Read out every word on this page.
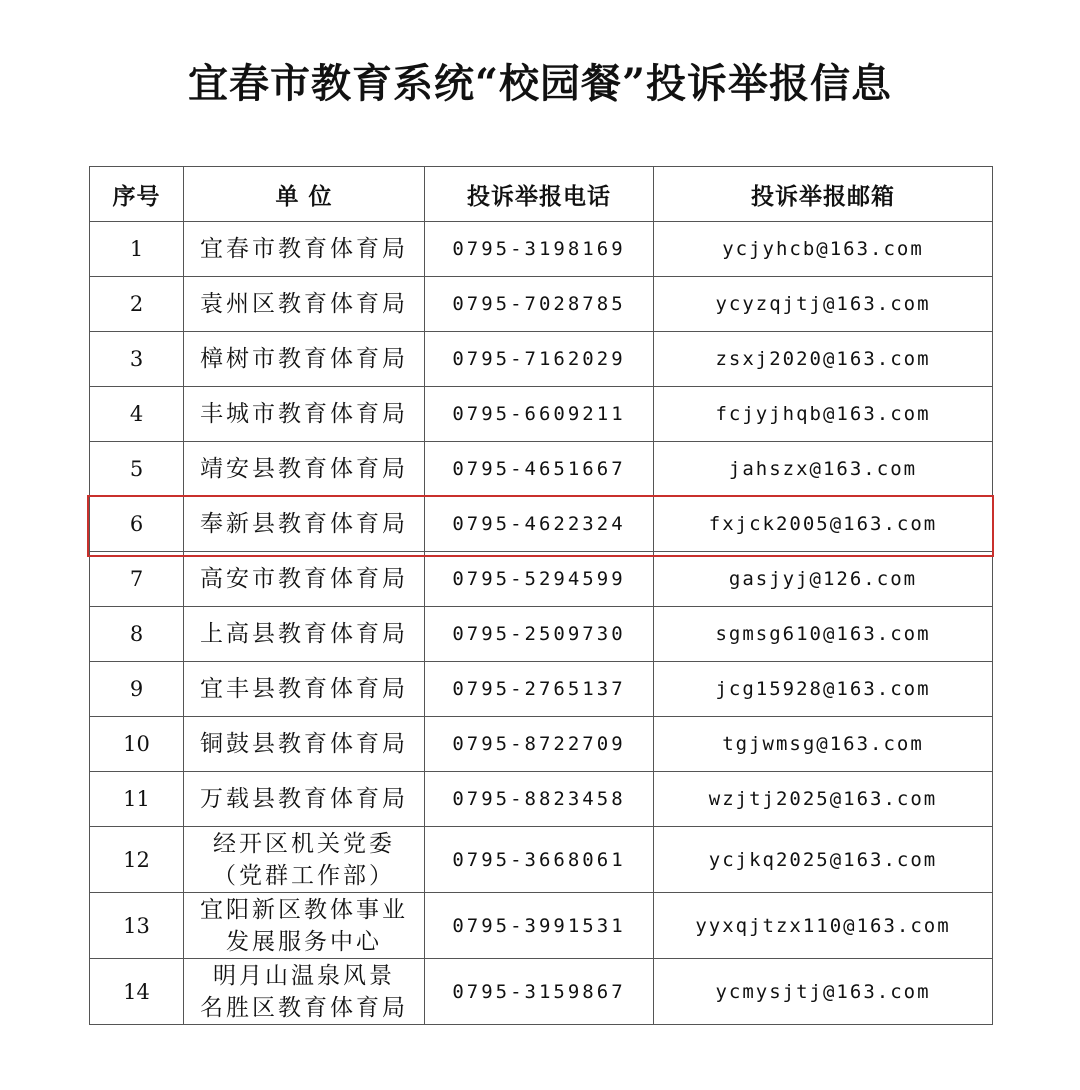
宜春市教育系统“校园餐”投诉举报信息
序号	单 位	投诉举报电话	投诉举报邮箱
1	宜春市教育体育局	0795-3198169	ycjyhcb@163.com
2	袁州区教育体育局	0795-7028785	ycyzqjtj@163.com
3	樟树市教育体育局	0795-7162029	zsxj2020@163.com
4	丰城市教育体育局	0795-6609211	fcjyjhqb@163.com
5	靖安县教育体育局	0795-4651667	jahszx@163.com
6	奉新县教育体育局	0795-4622324	fxjck2005@163.com
7	高安市教育体育局	0795-5294599	gasjyj@126.com
8	上高县教育体育局	0795-2509730	sgmsg610@163.com
9	宜丰县教育体育局	0795-2765137	jcg15928@163.com
10	铜鼓县教育体育局	0795-8722709	tgjwmsg@163.com
11	万载县教育体育局	0795-8823458	wzjtj2025@163.com
12	经开区机关党委
（党群工作部）	0795-3668061	ycjkq2025@163.com
13	宜阳新区教体事业
发展服务中心	0795-3991531	yyxqjtzx110@163.com
14	明月山温泉风景
名胜区教育体育局	0795-3159867	ycmysjtj@163.com
